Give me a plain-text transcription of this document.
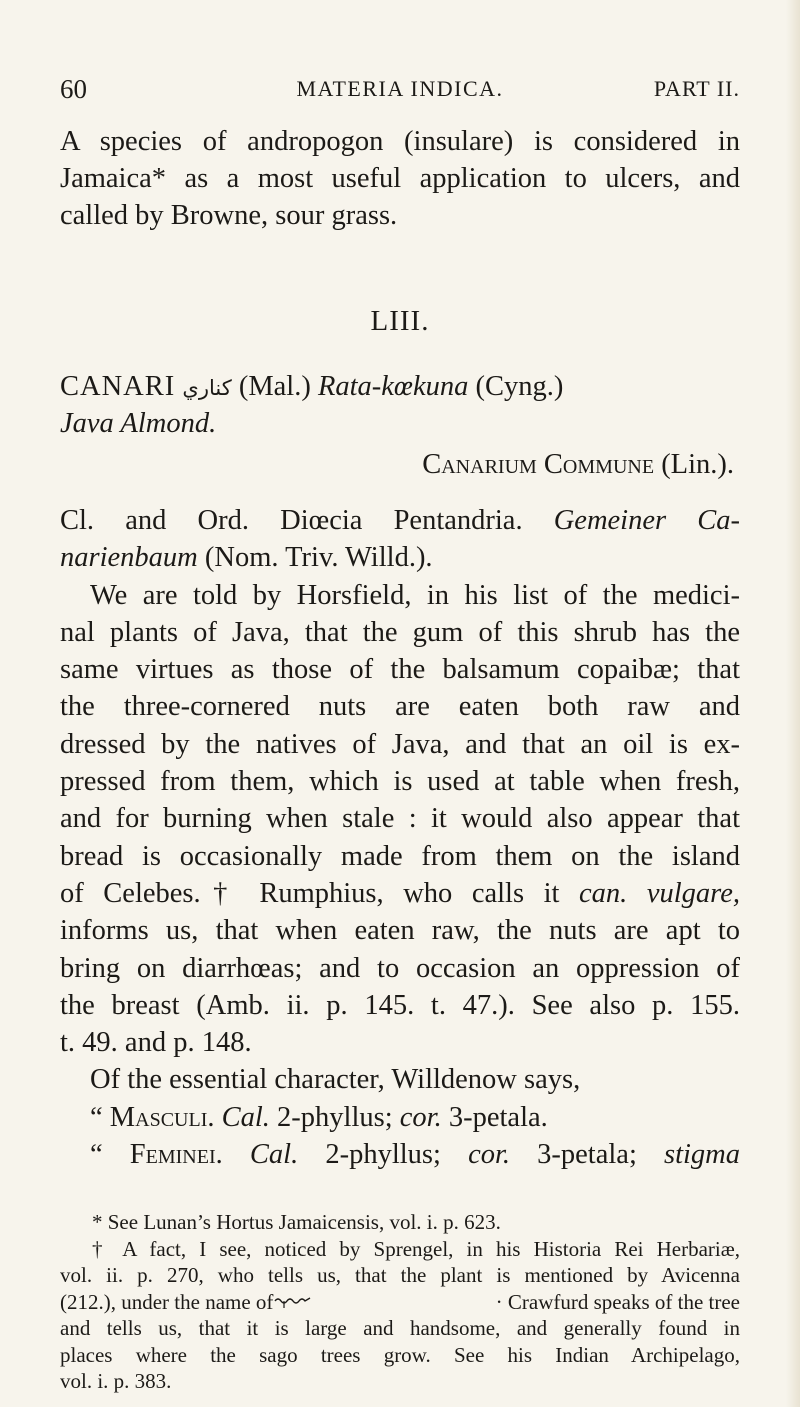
60	MATERIA INDICA.	PART II.
A species of andropogon (insulare) is considered in
Jamaica* as a most useful application to ulcers, and
called by Browne, sour grass.
LIII.
CANARI كناري (Mal.) Rata-kœkuna (Cyng.)
Java Almond.
Canarium Commune (Lin.).
Cl. and Ord. Diœcia Pentandria. Gemeiner Ca-
narienbaum (Nom. Triv. Willd.).
We are told by Horsfield, in his list of the medici-
nal plants of Java, that the gum of this shrub has the
same virtues as those of the balsamum copaibæ; that
the three-cornered nuts are eaten both raw and
dressed by the natives of Java, and that an oil is ex-
pressed from them, which is used at table when fresh,
and for burning when stale : it would also appear that
bread is occasionally made from them on the island
of Celebes.† Rumphius, who calls it can. vulgare,
informs us, that when eaten raw, the nuts are apt to
bring on diarrhœas; and to occasion an oppression of
the breast (Amb. ii. p. 145. t. 47.). See also p. 155.
t. 49. and p. 148.
Of the essential character, Willdenow says,
“ Masculi. Cal. 2-phyllus; cor. 3-petala.
“ Feminei. Cal. 2-phyllus; cor. 3-petala; stigma
* See Lunan’s Hortus Jamaicensis, vol. i. p. 623.
† A fact, I see, noticed by Sprengel, in his Historia Rei Herbariæ,
vol. ii. p. 270, who tells us, that the plant is mentioned by Avicenna
(212.), under the name of	· Crawfurd speaks of the tree
and tells us, that it is large and handsome, and generally found in
places where the sago trees grow. See his Indian Archipelago,
vol. i. p. 383.
